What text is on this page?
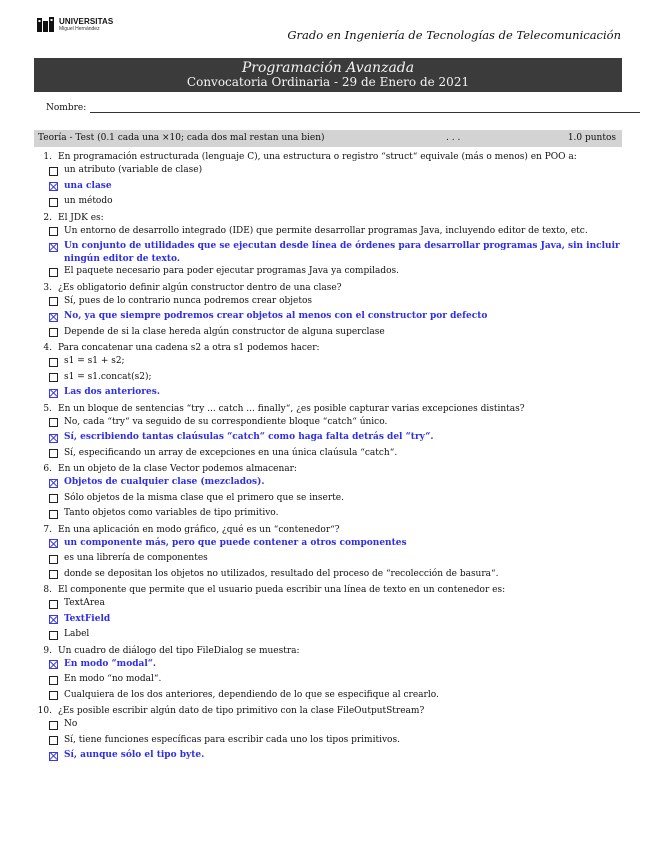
UNIVERSITAS
Miguel Hernández	Grado en Ingeniería de Tecnologías de Telecomunicación
Programación Avanzada
Convocatoria Ordinaria - 29 de Enero de 2021
Nombre:
Teoría - Test (0.1 cada una ×10; cada dos mal restan una bien)	. . .	1.0 puntos
1. En programación estructurada (lenguaje C), una estructura o registro “struct“ equivale (más o menos) en POO a:
un atributo (variable de clase)
una clase
un método
2. El JDK es:
Un entorno de desarrollo integrado (IDE) que permite desarrollar programas Java, incluyendo editor de texto, etc.
Un conjunto de utilidades que se ejecutan desde línea de órdenes para desarrollar programas Java, sin incluir ningún editor de texto.
El paquete necesario para poder ejecutar programas Java ya compilados.
3. ¿Es obligatorio definir algún constructor dentro de una clase?
Sí, pues de lo contrario nunca podremos crear objetos
No, ya que siempre podremos crear objetos al menos con el constructor por defecto
Depende de si la clase hereda algún constructor de alguna superclase
4. Para concatenar una cadena s2 a otra s1 podemos hacer:
s1 = s1 + s2;
s1 = s1.concat(s2);
Las dos anteriores.
5. En un bloque de sentencias “try ... catch ... finally“, ¿es posible capturar varias excepciones distintas?
No, cada “try“ va seguido de su correspondiente bloque “catch“ único.
Sí, escribiendo tantas claúsulas “catch“ como haga falta detrás del “try“.
Sí, especificando un array de excepciones en una única claúsula “catch“.
6. En un objeto de la clase Vector podemos almacenar:
Objetos de cualquier clase (mezclados).
Sólo objetos de la misma clase que el primero que se inserte.
Tanto objetos como variables de tipo primitivo.
7. En una aplicación en modo gráfico, ¿qué es un “contenedor“?
un componente más, pero que puede contener a otros componentes
es una librería de componentes
donde se depositan los objetos no utilizados, resultado del proceso de “recolección de basura“.
8. El componente que permite que el usuario pueda escribir una línea de texto en un contenedor es:
TextArea
TextField
Label
9. Un cuadro de diálogo del tipo FileDialog se muestra:
En modo “modal“.
En modo “no modal“.
Cualquiera de los dos anteriores, dependiendo de lo que se especifique al crearlo.
10. ¿Es posible escribir algún dato de tipo primitivo con la clase FileOutputStream?
No
Sí, tiene funciones específicas para escribir cada uno los tipos primitivos.
Sí, aunque sólo el tipo byte.
